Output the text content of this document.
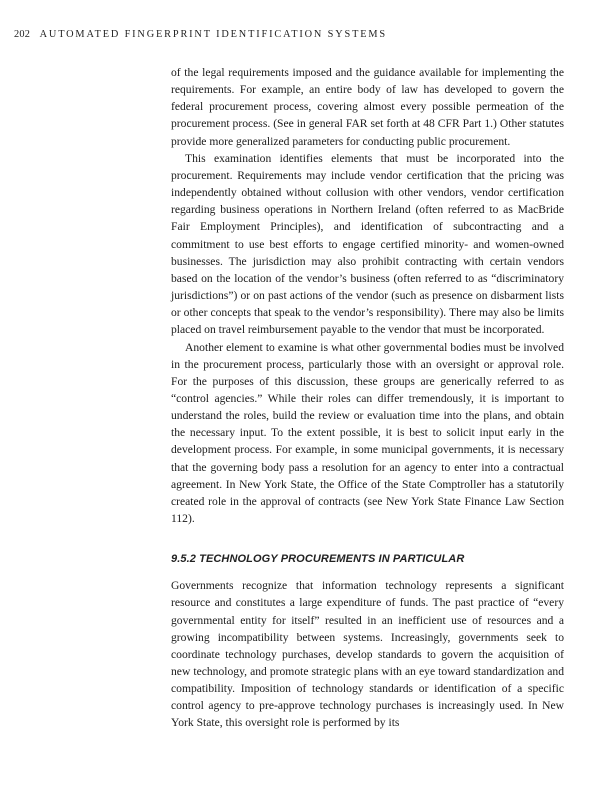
202 AUTOMATED FINGERPRINT IDENTIFICATION SYSTEMS

of the legal requirements imposed and the guidance available for implementing the requirements. For example, an entire body of law has developed to govern the federal procurement process, covering almost every possible permeation of the procurement process. (See in general FAR set forth at 48 CFR Part 1.) Other statutes provide more generalized parameters for conducting public procurement.

This examination identifies elements that must be incorporated into the procurement. Requirements may include vendor certification that the pricing was independently obtained without collusion with other vendors, vendor certification regarding business operations in Northern Ireland (often referred to as MacBride Fair Employment Principles), and identification of subcontracting and a commitment to use best efforts to engage certified minority- and women-owned businesses. The jurisdiction may also prohibit contracting with certain vendors based on the location of the vendor’s business (often referred to as “discriminatory jurisdictions”) or on past actions of the vendor (such as presence on disbarment lists or other concepts that speak to the vendor’s responsibility). There may also be limits placed on travel reimbursement payable to the vendor that must be incorporated.

Another element to examine is what other governmental bodies must be involved in the procurement process, particularly those with an oversight or approval role. For the purposes of this discussion, these groups are generically referred to as “control agencies.” While their roles can differ tremendously, it is important to understand the roles, build the review or evaluation time into the plans, and obtain the necessary input. To the extent possible, it is best to solicit input early in the development process. For example, in some municipal governments, it is necessary that the governing body pass a resolution for an agency to enter into a contractual agreement. In New York State, the Office of the State Comptroller has a statutorily created role in the approval of contracts (see New York State Finance Law Section 112).

9.5.2 TECHNOLOGY PROCUREMENTS IN PARTICULAR

Governments recognize that information technology represents a significant resource and constitutes a large expenditure of funds. The past practice of “every governmental entity for itself” resulted in an inefficient use of resources and a growing incompatibility between systems. Increasingly, governments seek to coordinate technology purchases, develop standards to govern the acquisition of new technology, and promote strategic plans with an eye toward standardization and compatibility. Imposition of technology standards or identification of a specific control agency to pre-approve technology purchases is increasingly used. In New York State, this oversight role is performed by its
